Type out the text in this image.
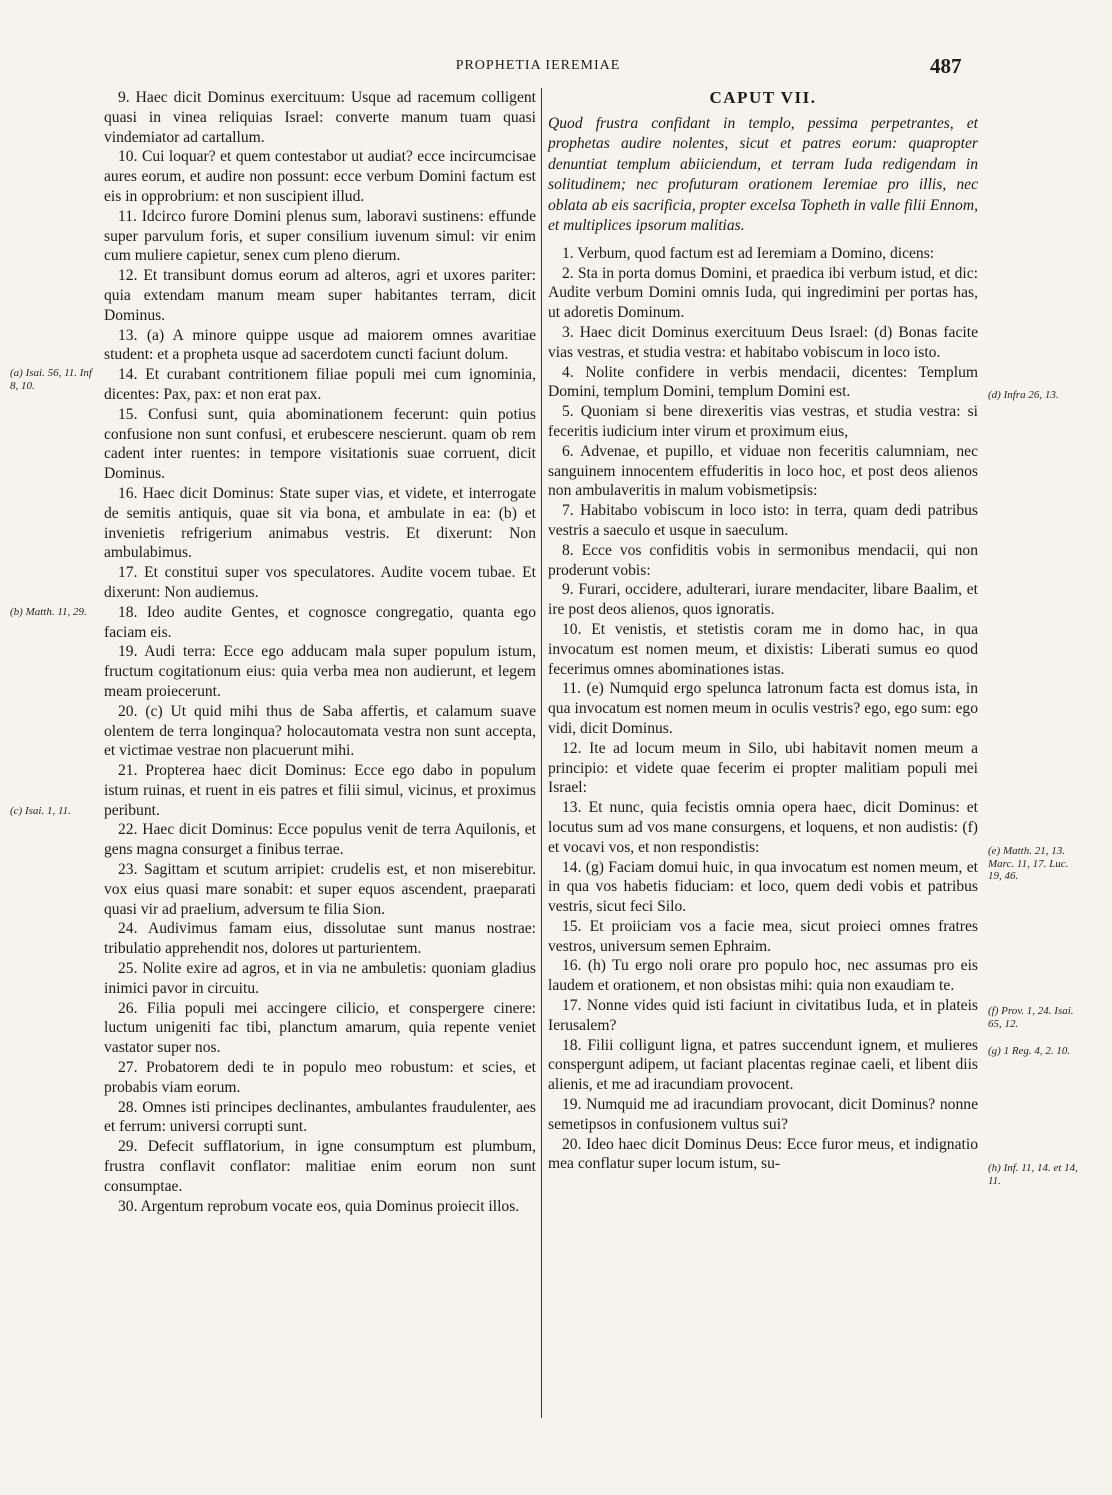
PROPHETIA IEREMIAE	487

9. Haec dicit Dominus exercituum: Usque ad racemum colligent quasi in vinea reliquias Israel: converte manum tuam quasi vindemiator ad cartallum.

10. Cui loquar? et quem contestabor ut audiat? ecce incircumcisae aures eorum, et audire non possunt: ecce verbum Domini factum est eis in opprobrium: et non suscipient illud.

11. Idcirco furore Domini plenus sum, laboravi sustinens: effunde super parvulum foris, et super consilium iuvenum simul: vir enim cum muliere capietur, senex cum pleno dierum.

12. Et transibunt domus eorum ad alteros, agri et uxores pariter: quia extendam manum meam super habitantes terram, dicit Dominus.

13. (a) A minore quippe usque ad maiorem omnes avaritiae student: et a propheta usque ad sacerdotem cuncti faciunt dolum.

14. Et curabant contritionem filiae populi mei cum ignominia, dicentes: Pax, pax: et non erat pax.

15. Confusi sunt, quia abominationem fecerunt: quin potius confusione non sunt confusi, et erubescere nescierunt. quam ob rem cadent inter ruentes: in tempore visitationis suae corruent, dicit Dominus.

16. Haec dicit Dominus: State super vias, et videte, et interrogate de semitis antiquis, quae sit via bona, et ambulate in ea: (b) et invenietis refrigerium animabus vestris. Et dixerunt: Non ambulabimus.

17. Et constitui super vos speculatores. Audite vocem tubae. Et dixerunt: Non audiemus.

18. Ideo audite Gentes, et cognosce congregatio, quanta ego faciam eis.

19. Audi terra: Ecce ego adducam mala super populum istum, fructum cogitationum eius: quia verba mea non audierunt, et legem meam proiecerunt.

20. (c) Ut quid mihi thus de Saba affertis, et calamum suave olentem de terra longinqua? holocautomata vestra non sunt accepta, et victimae vestrae non placuerunt mihi.

21. Propterea haec dicit Dominus: Ecce ego dabo in populum istum ruinas, et ruent in eis patres et filii simul, vicinus, et proximus peribunt.

22. Haec dicit Dominus: Ecce populus venit de terra Aquilonis, et gens magna consurget a finibus terrae.

23. Sagittam et scutum arripiet: crudelis est, et non miserebitur. vox eius quasi mare sonabit: et super equos ascendent, praeparati quasi vir ad praelium, adversum te filia Sion.

24. Audivimus famam eius, dissolutae sunt manus nostrae: tribulatio apprehendit nos, dolores ut parturientem.

25. Nolite exire ad agros, et in via ne ambuletis: quoniam gladius inimici pavor in circuitu.

26. Filia populi mei accingere cilicio, et conspergere cinere: luctum unigeniti fac tibi, planctum amarum, quia repente veniet vastator super nos.

27. Probatorem dedi te in populo meo robustum: et scies, et probabis viam eorum.

28. Omnes isti principes declinantes, ambulantes fraudulenter, aes et ferrum: universi corrupti sunt.

29. Defecit sufflatorium, in igne consumptum est plumbum, frustra conflavit conflator: malitiae enim eorum non sunt consumptae.

30. Argentum reprobum vocate eos, quia Dominus proiecit illos.

CAPUT VII.

Quod frustra confidant in templo, pessima perpetrantes, et prophetas audire nolentes, sicut et patres eorum: quapropter denuntiat templum abiiciendum, et terram Iuda redigendam in solitudinem; nec profuturam orationem Ieremiae pro illis, nec oblata ab eis sacrificia, propter excelsa Topheth in valle filii Ennom, et multiplices ipsorum malitias.

1. Verbum, quod factum est ad Ieremiam a Domino, dicens:

2. Sta in porta domus Domini, et praedica ibi verbum istud, et dic: Audite verbum Domini omnis Iuda, qui ingredimini per portas has, ut adoretis Dominum.

3. Haec dicit Dominus exercituum Deus Israel: (d) Bonas facite vias vestras, et studia vestra: et habitabo vobiscum in loco isto.

4. Nolite confidere in verbis mendacii, dicentes: Templum Domini, templum Domini, templum Domini est.

5. Quoniam si bene direxeritis vias vestras, et studia vestra: si feceritis iudicium inter virum et proximum eius,

6. Advenae, et pupillo, et viduae non feceritis calumniam, nec sanguinem innocentem effuderitis in loco hoc, et post deos alienos non ambulaveritis in malum vobismetipsis:

7. Habitabo vobiscum in loco isto: in terra, quam dedi patribus vestris a saeculo et usque in saeculum.

8. Ecce vos confiditis vobis in sermonibus mendacii, qui non proderunt vobis:

9. Furari, occidere, adulterari, iurare mendaciter, libare Baalim, et ire post deos alienos, quos ignoratis.

10. Et venistis, et stetistis coram me in domo hac, in qua invocatum est nomen meum, et dixistis: Liberati sumus eo quod fecerimus omnes abominationes istas.

11. (e) Numquid ergo spelunca latronum facta est domus ista, in qua invocatum est nomen meum in oculis vestris? ego, ego sum: ego vidi, dicit Dominus.

12. Ite ad locum meum in Silo, ubi habitavit nomen meum a principio: et videte quae fecerim ei propter malitiam populi mei Israel:

13. Et nunc, quia fecistis omnia opera haec, dicit Dominus: et locutus sum ad vos mane consurgens, et loquens, et non audistis: (f) et vocavi vos, et non respondistis:

14. (g) Faciam domui huic, in qua invocatum est nomen meum, et in qua vos habetis fiduciam: et loco, quem dedi vobis et patribus vestris, sicut feci Silo.

15. Et proiiciam vos a facie mea, sicut proieci omnes fratres vestros, universum semen Ephraim.

16. (h) Tu ergo noli orare pro populo hoc, nec assumas pro eis laudem et orationem, et non obsistas mihi: quia non exaudiam te.

17. Nonne vides quid isti faciunt in civitatibus Iuda, et in plateis Ierusalem?

18. Filii colligunt ligna, et patres succendunt ignem, et mulieres conspergunt adipem, ut faciant placentas reginae caeli, et libent diis alienis, et me ad iracundiam provocent.

19. Numquid me ad iracundiam provocant, dicit Dominus? nonne semetipsos in confusionem vultus sui?

20. Ideo haec dicit Dominus Deus: Ecce furor meus, et indignatio mea conflatur super locum istum, su-

(a) Isai. 56, 11. Inf 8, 10.
(b) Matth. 11, 29.
(c) Isai. 1, 11.
(d) Infra 26, 13.
(e) Matth. 21, 13. Marc. 11, 17. Luc. 19, 46.
(f) Prov. 1, 24. Isai. 65, 12.
(g) 1 Reg. 4, 2. 10.
(h) Inf. 11, 14. et 14, 11.
